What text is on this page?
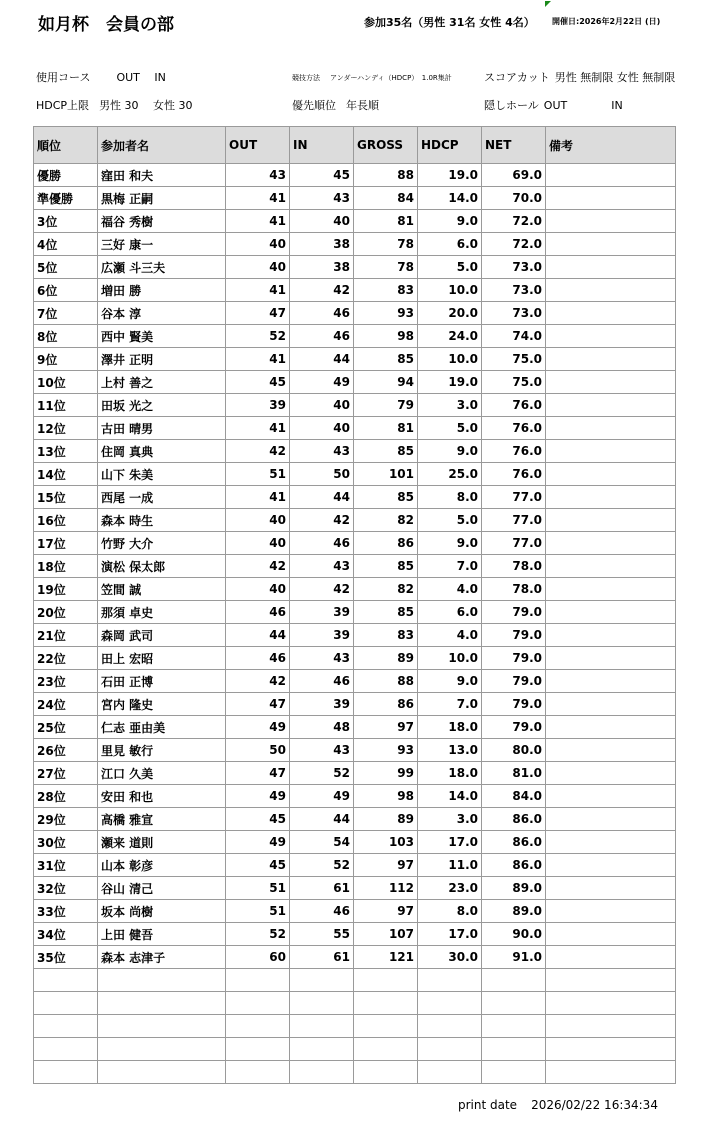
如月杯　会員の部	参加35名（男性 31名 女性 4名） 開催日:2026年2月22日 (日)
使用コース OUT　 IN	競技方法 アンダーハンディ（HDCP）　1.0R集計	スコアカット 男性 無制限 女性 無制限
HDCP上限 男性 30　 女性 30	優先順位 年長順	隠しホール OUT　　　　IN
順位	参加者名	OUT	IN	GROSS	HDCP	NET	備考
優勝	窪田 和夫	43	45	88	19.0	69.0	
準優勝	黒梅 正嗣	41	43	84	14.0	70.0	
3位	福谷 秀樹	41	40	81	9.0	72.0	
4位	三好 康一	40	38	78	6.0	72.0	
5位	広瀬 斗三夫	40	38	78	5.0	73.0	
6位	増田 勝	41	42	83	10.0	73.0	
7位	谷本 淳	47	46	93	20.0	73.0	
8位	西中 賢美	52	46	98	24.0	74.0	
9位	澤井 正明	41	44	85	10.0	75.0	
10位	上村 善之	45	49	94	19.0	75.0	
11位	田坂 光之	39	40	79	3.0	76.0	
12位	古田 晴男	41	40	81	5.0	76.0	
13位	住岡 真典	42	43	85	9.0	76.0	
14位	山下 朱美	51	50	101	25.0	76.0	
15位	西尾 一成	41	44	85	8.0	77.0	
16位	森本 時生	40	42	82	5.0	77.0	
17位	竹野 大介	40	46	86	9.0	77.0	
18位	演松 保太郎	42	43	85	7.0	78.0	
19位	笠間 誠	40	42	82	4.0	78.0	
20位	那須 卓史	46	39	85	6.0	79.0	
21位	森岡 武司	44	39	83	4.0	79.0	
22位	田上 宏昭	46	43	89	10.0	79.0	
23位	石田 正博	42	46	88	9.0	79.0	
24位	宮内 隆史	47	39	86	7.0	79.0	
25位	仁志 亜由美	49	48	97	18.0	79.0	
26位	里見 敏行	50	43	93	13.0	80.0	
27位	江口 久美	47	52	99	18.0	81.0	
28位	安田 和也	49	49	98	14.0	84.0	
29位	高橋 雅宣	45	44	89	3.0	86.0	
30位	瀬来 道則	49	54	103	17.0	86.0	
31位	山本 彰彦	45	52	97	11.0	86.0	
32位	谷山 清己	51	61	112	23.0	89.0	
33位	坂本 尚樹	51	46	97	8.0	89.0	
34位	上田 健吾	52	55	107	17.0	90.0	
35位	森本 志津子	60	61	121	30.0	91.0	

print date 2026/02/22 16:34:34
